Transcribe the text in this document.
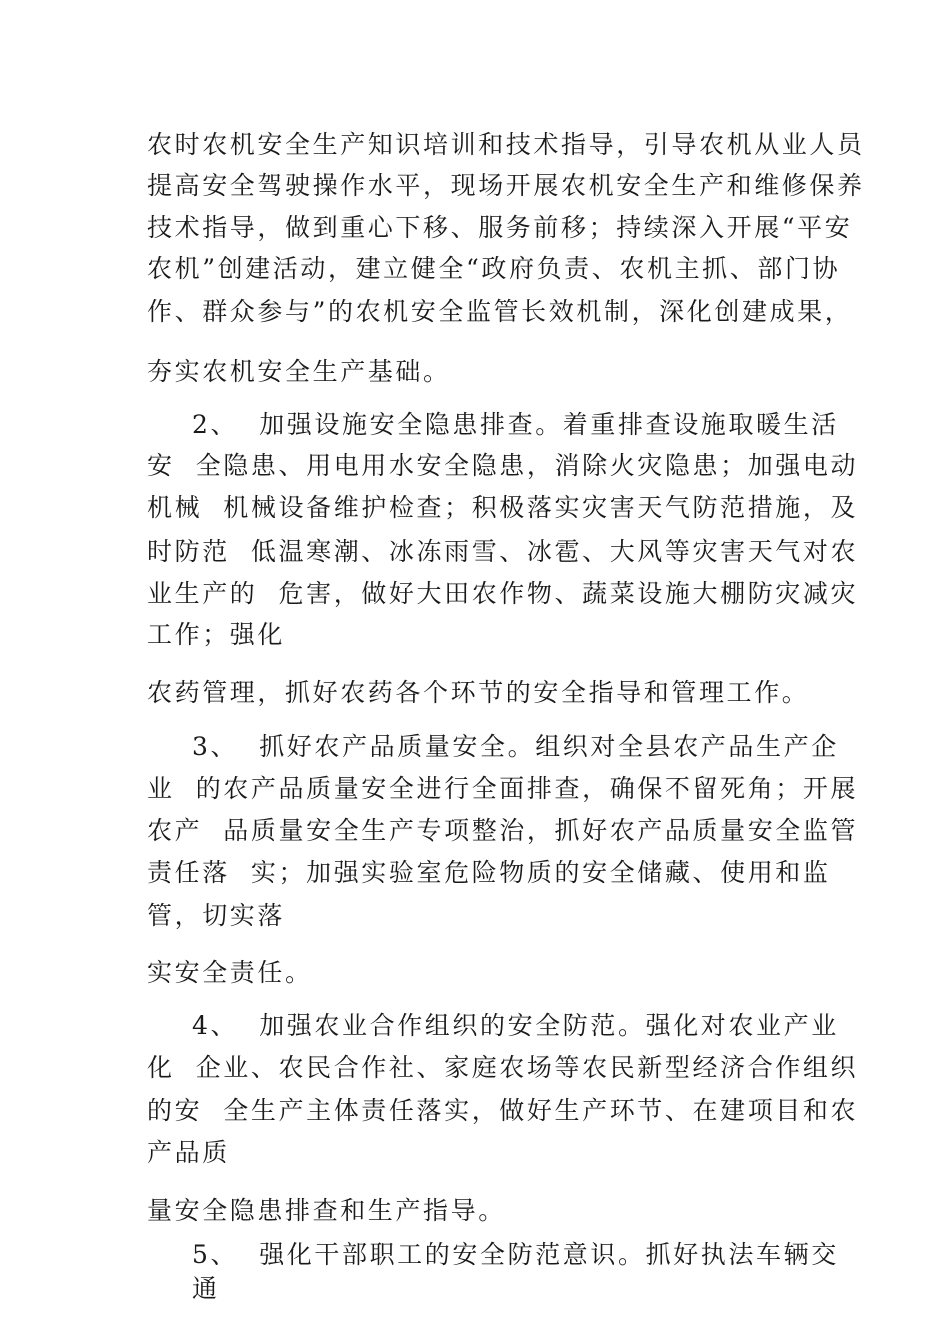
农时农机安全生产知识培训和技术指导，引导农机从业人员
提高安全驾驶操作水平，现场开展农机安全生产和维修保养
技术指导，做到重心下移、服务前移；持续深入开展“平安
农机”创建活动，建立健全“政府负责、农机主抓、部门协
作、群众参与”的农机安全监管长效机制，深化创建成果，
夯实农机安全生产基础。
2、  加强设施安全隐患排查。着重排查设施取暖生活
安  全隐患、用电用水安全隐患，消除火灾隐患；加强电动
机械  机械设备维护检查；积极落实灾害天气防范措施，及
时防范  低温寒潮、冰冻雨雪、冰雹、大风等灾害天气对农
业生产的  危害，做好大田农作物、蔬菜设施大棚防灾减灾
工作；强化
农药管理，抓好农药各个环节的安全指导和管理工作。
3、  抓好农产品质量安全。组织对全县农产品生产企
业  的农产品质量安全进行全面排查，确保不留死角；开展
农产  品质量安全生产专项整治，抓好农产品质量安全监管
责任落  实；加强实验室危险物质的安全储藏、使用和监
管，切实落
实安全责任。
4、  加强农业合作组织的安全防范。强化对农业产业
化  企业、农民合作社、家庭农场等农民新型经济合作组织
的安  全生产主体责任落实，做好生产环节、在建项目和农
产品质
量安全隐患排查和生产指导。
5、  强化干部职工的安全防范意识。抓好执法车辆交
通
